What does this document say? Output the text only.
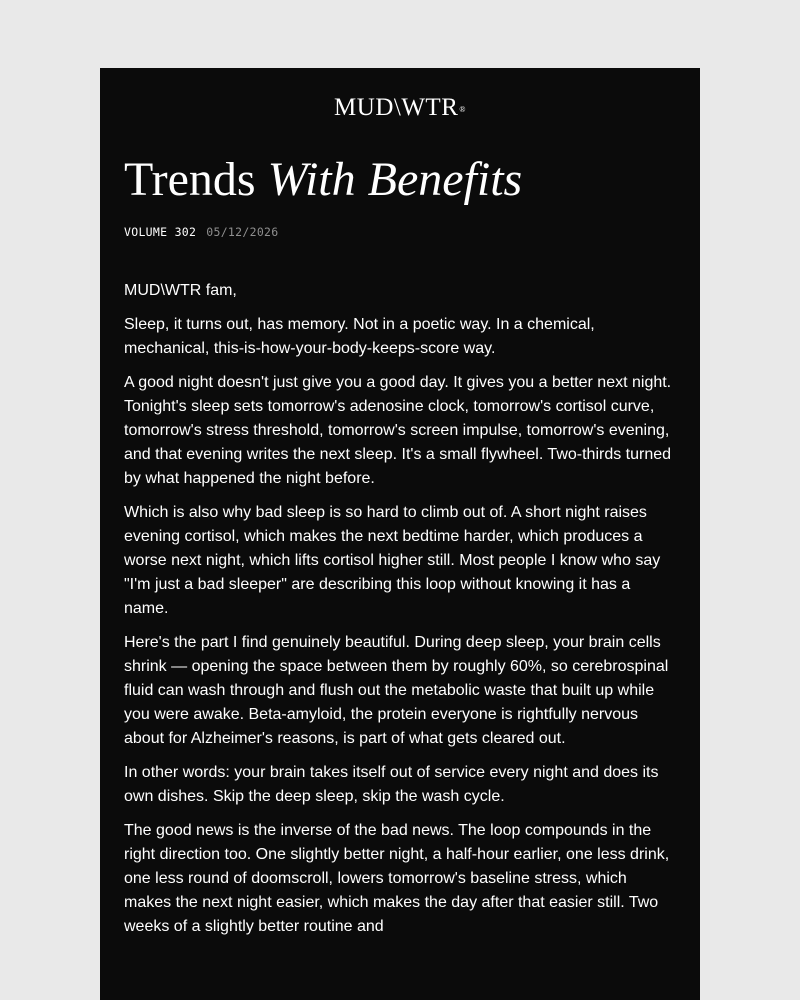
MUD\WTR®
Trends With Benefits
VOLUME 302 05/12/2026

MUD\WTR fam,

Sleep, it turns out, has memory. Not in a poetic way. In a chemical, mechanical, this-is-how-your-body-keeps-score way.

A good night doesn't just give you a good day. It gives you a better next night. Tonight's sleep sets tomorrow's adenosine clock, tomorrow's cortisol curve, tomorrow's stress threshold, tomorrow's screen impulse, tomorrow's evening, and that evening writes the next sleep. It's a small flywheel. Two-thirds turned by what happened the night before.

Which is also why bad sleep is so hard to climb out of. A short night raises evening cortisol, which makes the next bedtime harder, which produces a worse next night, which lifts cortisol higher still. Most people I know who say "I'm just a bad sleeper" are describing this loop without knowing it has a name.

Here's the part I find genuinely beautiful. During deep sleep, your brain cells shrink — opening the space between them by roughly 60%, so cerebrospinal fluid can wash through and flush out the metabolic waste that built up while you were awake. Beta-amyloid, the protein everyone is rightfully nervous about for Alzheimer's reasons, is part of what gets cleared out.

In other words: your brain takes itself out of service every night and does its own dishes. Skip the deep sleep, skip the wash cycle.

The good news is the inverse of the bad news. The loop compounds in the right direction too. One slightly better night, a half-hour earlier, one less drink, one less round of doomscroll, lowers tomorrow's baseline stress, which makes the next night easier, which makes the day after that easier still. Two weeks of a slightly better routine and
